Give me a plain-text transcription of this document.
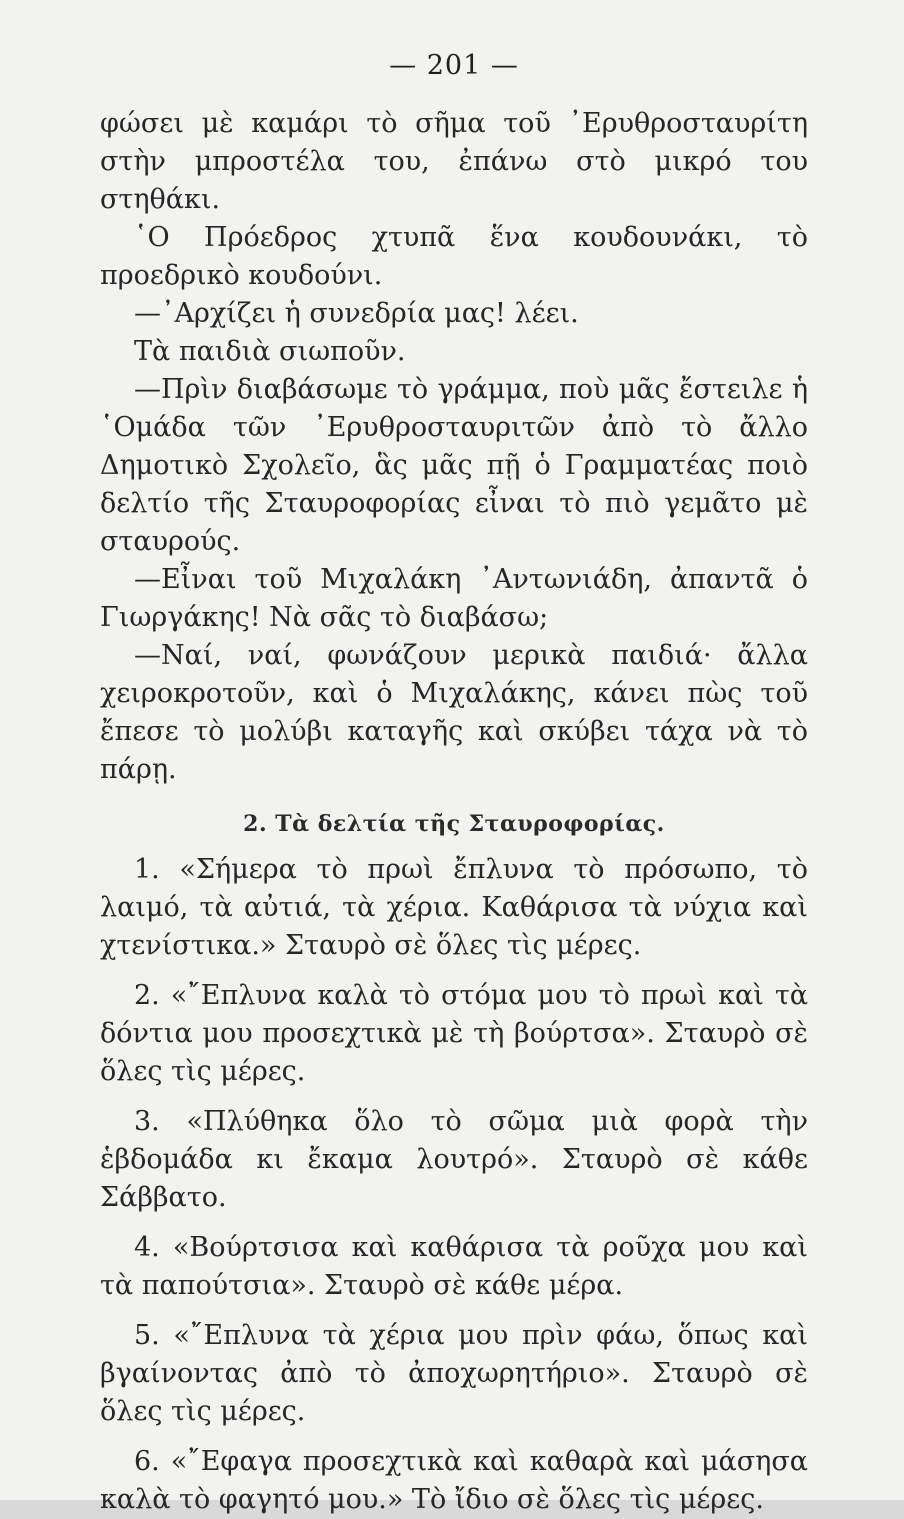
— 201 —

φώσει μὲ καμάρι τὸ σῆμα τοῦ ᾿Ερυθροσταυρίτη στὴν μπροστέλα του, ἐπάνω στὸ μικρό του στηθάκι.

῾Ο Πρόεδρος χτυπᾶ ἕνα κουδουνάκι, τὸ προεδρικὸ κουδούνι.

—᾿Αρχίζει ἡ συνεδρία μας! λέει.

Τὰ παιδιὰ σιωποῦν.

—Πρὶν διαβάσωμε τὸ γράμμα, ποὺ μᾶς ἔστειλε ἡ ῾Ομάδα τῶν ᾿Ερυθροσταυριτῶν ἀπὸ τὸ ἄλλο Δημοτικὸ Σχολεῖο, ἃς μᾶς πῇ ὁ Γραμματέας ποιὸ δελτίο τῆς Σταυροφορίας εἶναι τὸ πιὸ γεμᾶτο μὲ σταυρούς.

—Εἶναι τοῦ Μιχαλάκη ᾿Αντωνιάδη, ἀπαντᾶ ὁ Γιωργάκης! Νὰ σᾶς τὸ διαβάσω;

—Ναί, ναί, φωνάζουν μερικὰ παιδιά· ἄλλα χειροκροτοῦν, καὶ ὁ Μιχαλάκης, κάνει πὼς τοῦ ἔπεσε τὸ μολύβι καταγῆς καὶ σκύβει τάχα νὰ τὸ πάρῃ.

2. Τὰ δελτία τῆς Σταυροφορίας.

1. «Σήμερα τὸ πρωὶ ἔπλυνα τὸ πρόσωπο, τὸ λαιμό, τὰ αὐτιά, τὰ χέρια. Καθάρισα τὰ νύχια καὶ χτενίστικα.» Σταυρὸ σὲ ὅλες τὶς μέρες.

2. «῎Επλυνα καλὰ τὸ στόμα μου τὸ πρωὶ καὶ τὰ δόντια μου προσεχτικὰ μὲ τὴ βούρτσα». Σταυρὸ σὲ ὅλες τὶς μέρες.

3. «Πλύθηκα ὅλο τὸ σῶμα μιὰ φορὰ τὴν ἑβδομάδα κι ἔκαμα λουτρό». Σταυρὸ σὲ κάθε Σάββατο.

4. «Βούρτσισα καὶ καθάρισα τὰ ροῦχα μου καὶ τὰ παπούτσια». Σταυρὸ σὲ κάθε μέρα.

5. «῎Επλυνα τὰ χέρια μου πρὶν φάω, ὅπως καὶ βγαίνοντας ἀπὸ τὸ ἀποχωρητήριο». Σταυρὸ σὲ ὅλες τὶς μέρες.

6. «῎Εφαγα προσεχτικὰ καὶ καθαρὰ καὶ μάσησα καλὰ τὸ φαγητό μου.» Τὸ ἴδιο σὲ ὅλες τὶς μέρες.
